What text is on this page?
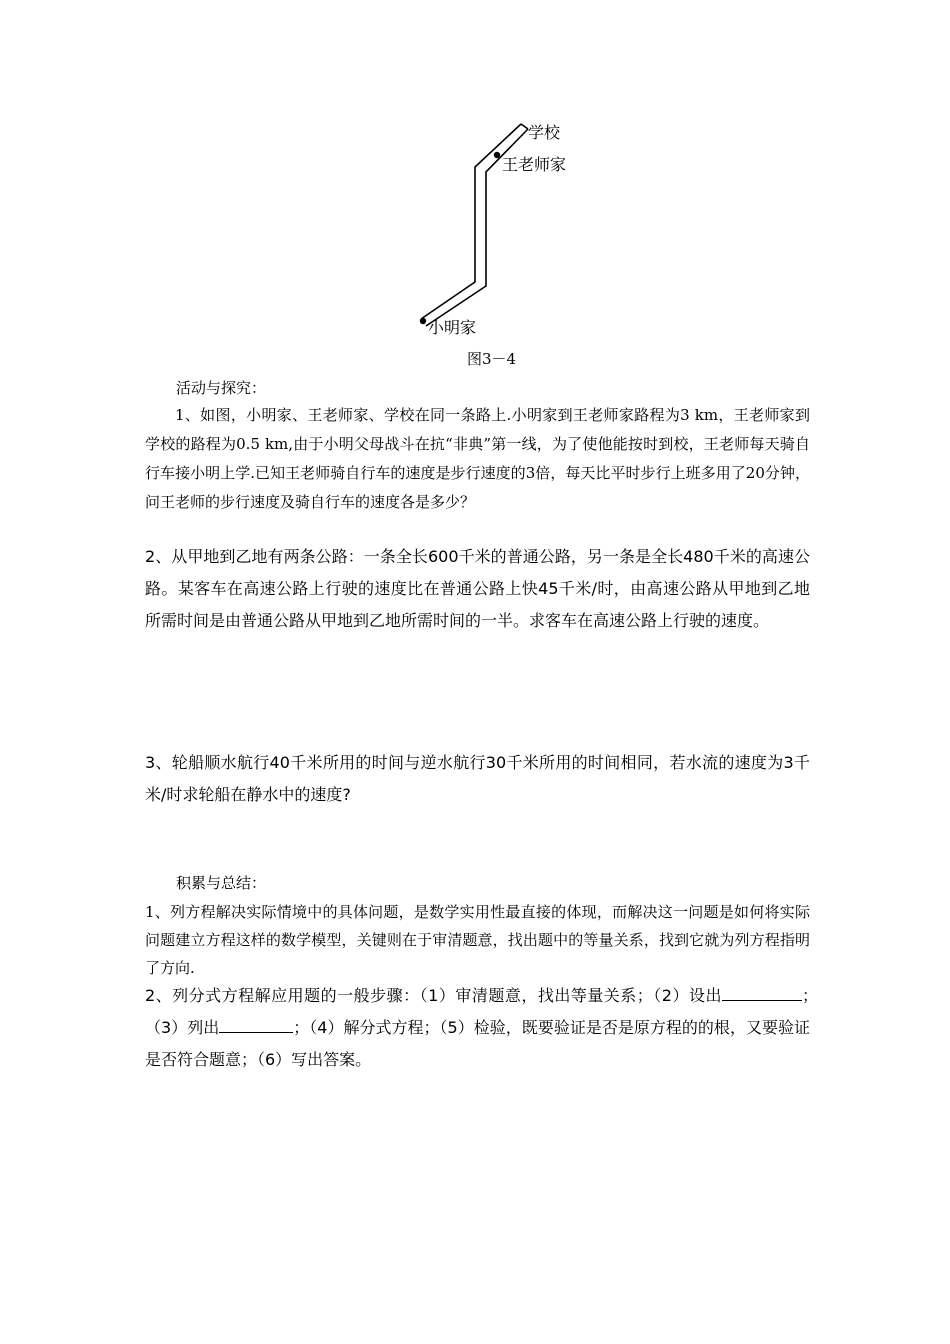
学校
王老师家
小明家
图3－4
活动与探究：

1、如图，小明家、王老师家、学校在同一条路上.小明家到王老师家路程为3 km，王老师家到学校的路程为0.5 km,由于小明父母战斗在抗“非典”第一线，为了使他能按时到校，王老师每天骑自行车接小明上学.已知王老师骑自行车的速度是步行速度的3倍，每天比平时步行上班多用了20分钟，问王老师的步行速度及骑自行车的速度各是多少？

2、从甲地到乙地有两条公路：一条全长600千米的普通公路，另一条是全长480千米的高速公路。某客车在高速公路上行驶的速度比在普通公路上快45千米/时，由高速公路从甲地到乙地所需时间是由普通公路从甲地到乙地所需时间的一半。求客车在高速公路上行驶的速度。

3、轮船顺水航行40千米所用的时间与逆水航行30千米所用的时间相同，若水流的速度为3千米/时求轮船在静水中的速度?

积累与总结：

1、列方程解决实际情境中的具体问题，是数学实用性最直接的体现，而解决这一问题是如何将实际问题建立方程这样的数学模型，关键则在于审清题意，找出题中的等量关系，找到它就为列方程指明了方向.

2、列分式方程解应用题的一般步骤：（1）审清题意，找出等量关系；（2）设出	；　（3）列出	；（4）解分式方程；（5）检验，既要验证是否是原方程的的根，又要验证是否符合题意；（6）写出答案。
